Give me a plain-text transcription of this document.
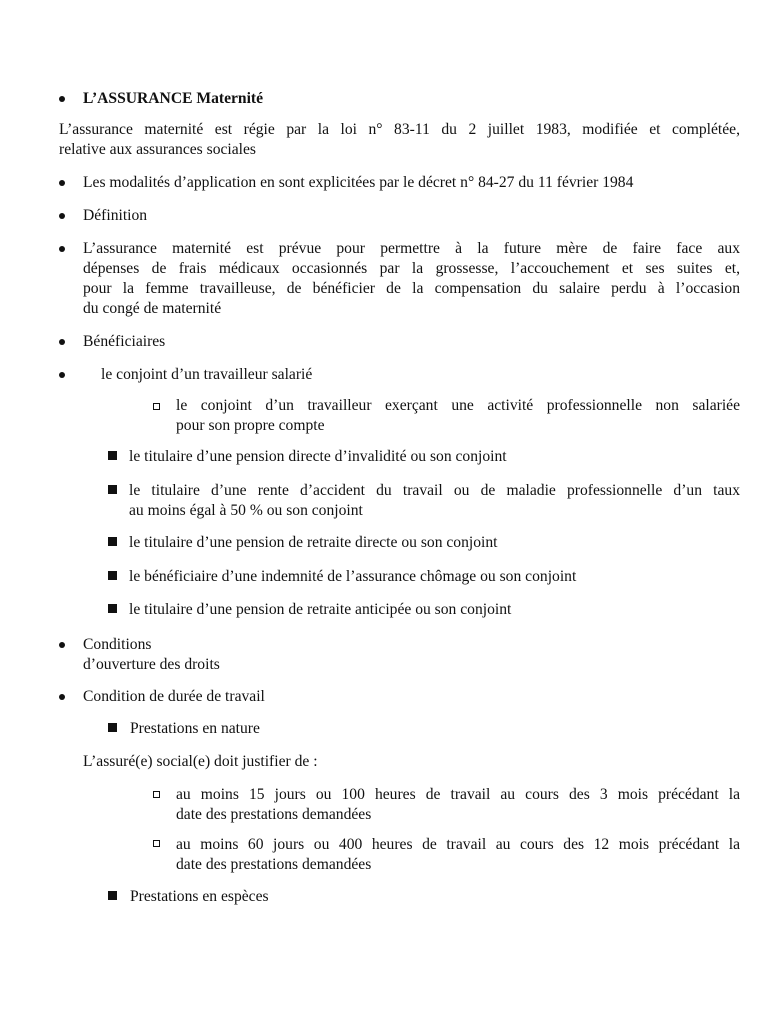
L’ASSURANCE Maternité
L’assurance maternité est régie par la loi n° 83-11 du 2 juillet 1983, modifiée et complétée,
relative aux assurances sociales
Les modalités d’application en sont explicitées par le décret n° 84-27 du 11 février 1984
Définition
L’assurance maternité est prévue pour permettre à la future mère de faire face aux
dépenses de frais médicaux occasionnés par la grossesse, l’accouchement et ses suites et,
pour la femme travailleuse, de bénéficier de la compensation du salaire perdu à l’occasion
du congé de maternité
Bénéficiaires
le conjoint d’un travailleur salarié
le conjoint d’un travailleur exerçant une activité professionnelle non salariée
pour son propre compte
le titulaire d’une pension directe d’invalidité ou son conjoint
le titulaire d’une rente d’accident du travail ou de maladie professionnelle d’un taux
au moins égal à 50 % ou son conjoint
le titulaire d’une pension de retraite directe ou son conjoint
le bénéficiaire d’une indemnité de l’assurance chômage ou son conjoint
le titulaire d’une pension de retraite anticipée ou son conjoint
Conditions
d’ouverture des droits
Condition de durée de travail
Prestations en nature
L’assuré(e) social(e) doit justifier de :
au moins 15 jours ou 100 heures de travail au cours des 3 mois précédant la
date des prestations demandées
au moins 60 jours ou 400 heures de travail au cours des 12 mois précédant la
date des prestations demandées
Prestations en espèces
